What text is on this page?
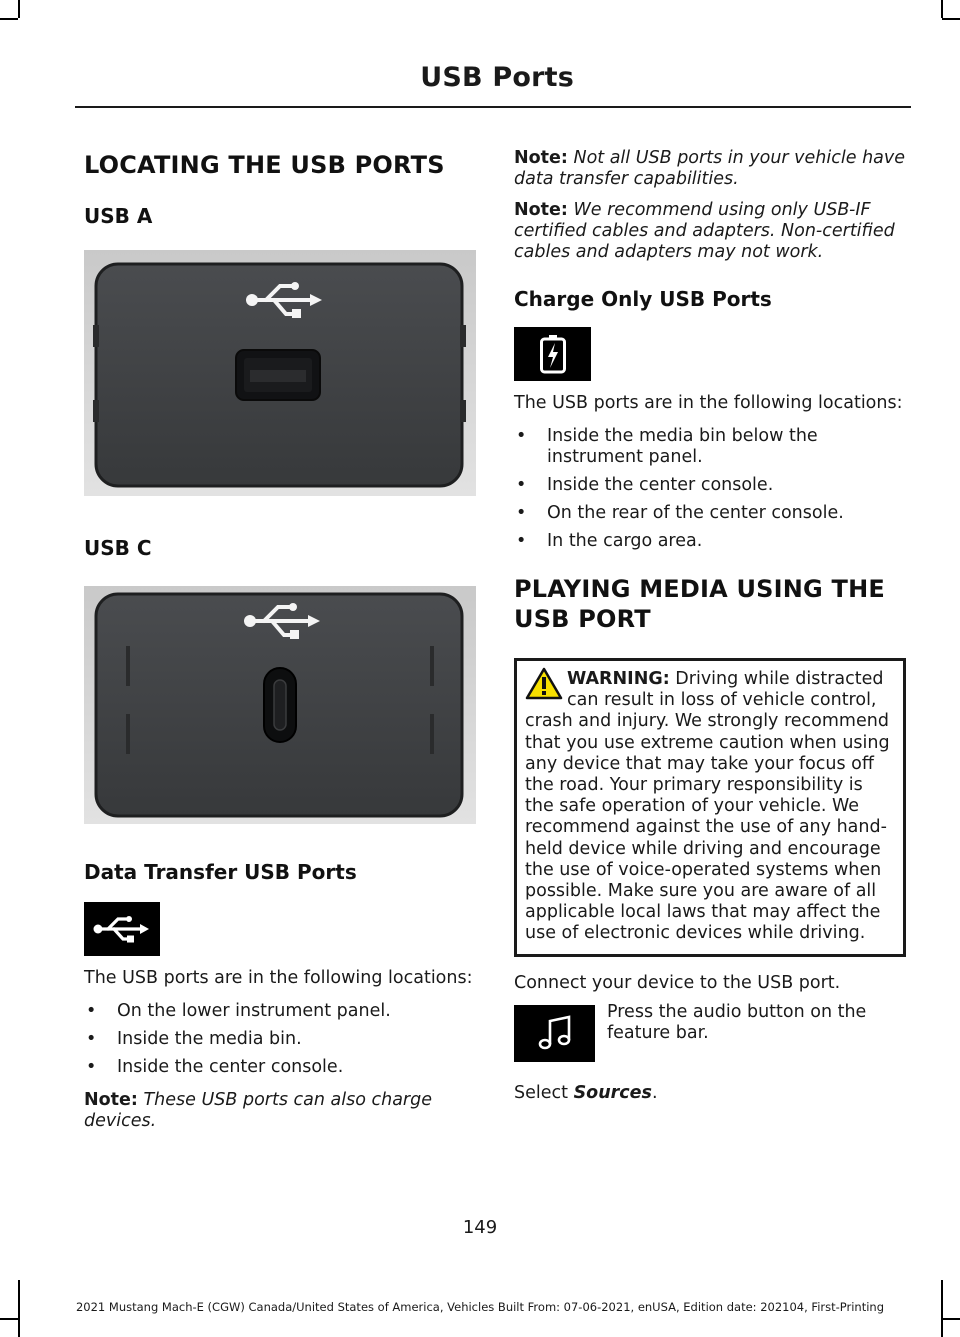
USB Ports
LOCATING THE USB PORTS
USB A
USB C
Data Transfer USB Ports

The USB ports are in the following locations:

• On the lower instrument panel.
• Inside the media bin.
• Inside the center console.

Note: These USB ports can also charge devices.

Note: Not all USB ports in your vehicle have data transfer capabilities.

Note: We recommend using only USB-IF certified cables and adapters. Non-certified cables and adapters may not work.

Charge Only USB Ports

The USB ports are in the following locations:

• Inside the media bin below the instrument panel.
• Inside the center console.
• On the rear of the center console.
• In the cargo area.
PLAYING MEDIA USING THE
USB PORT
WARNING: Driving while distracted can result in loss of vehicle control, crash and injury. We strongly recommend that you use extreme caution when using any device that may take your focus off the road. Your primary responsibility is the safe operation of your vehicle. We recommend against the use of any hand-held device while driving and encourage the use of voice-operated systems when possible. Make sure you are aware of all applicable local laws that may affect the use of electronic devices while driving.

Connect your device to the USB port.

Press the audio button on the feature bar.

Select Sources.

149
2021 Mustang Mach-E (CGW) Canada/United States of America, Vehicles Built From: 07-06-2021, enUSA, Edition date: 202104, First-Printing
